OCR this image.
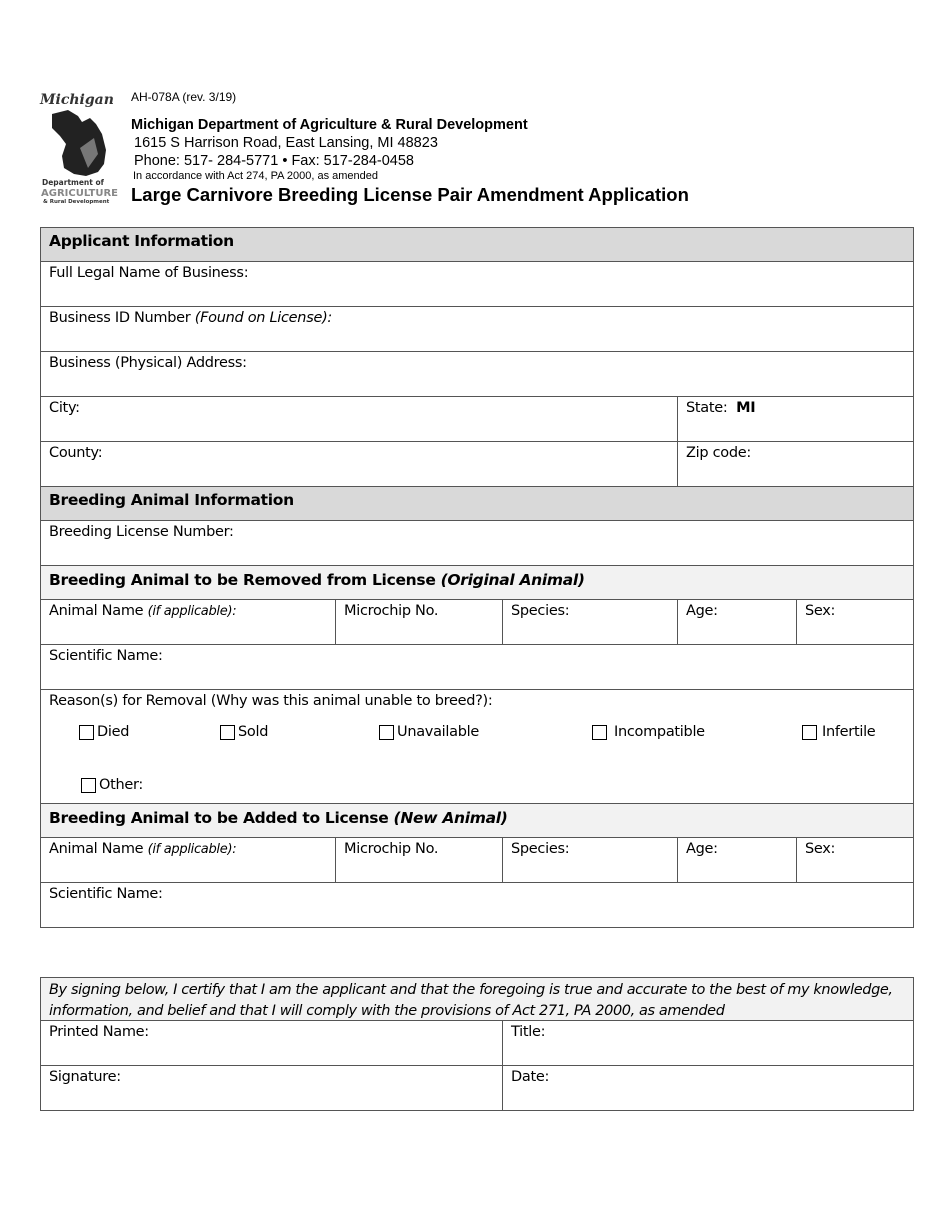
Michigan
Department of
AGRICULTURE
& Rural Development
AH-078A (rev. 3/19)
Michigan Department of Agriculture & Rural Development
1615 S Harrison Road, East Lansing, MI 48823
Phone: 517- 284-5771 • Fax: 517-284-0458
In accordance with Act 274, PA 2000, as amended
Large Carnivore Breeding License Pair Amendment Application
Applicant Information
Full Legal Name of Business:
Business ID Number (Found on License):
Business (Physical) Address:
City:	State:  MI
County:	Zip code:
Breeding Animal Information
Breeding License Number:
Breeding Animal to be Removed from License (Original Animal)
Animal Name (if applicable):	Microchip No.	Species:	Age:	Sex:
Scientific Name:
Reason(s) for Removal (Why was this animal unable to breed?):
Died	Sold	Unavailable	Incompatible	Infertile
Other:
Breeding Animal to be Added to License (New Animal)
Animal Name (if applicable):	Microchip No.	Species:	Age:	Sex:
Scientific Name:
By signing below, I certify that I am the applicant and that the foregoing is true and accurate to the best of my knowledge, information, and belief and that I will comply with the provisions of Act 271, PA 2000, as amended
Printed Name:	Title:
Signature:	Date:
